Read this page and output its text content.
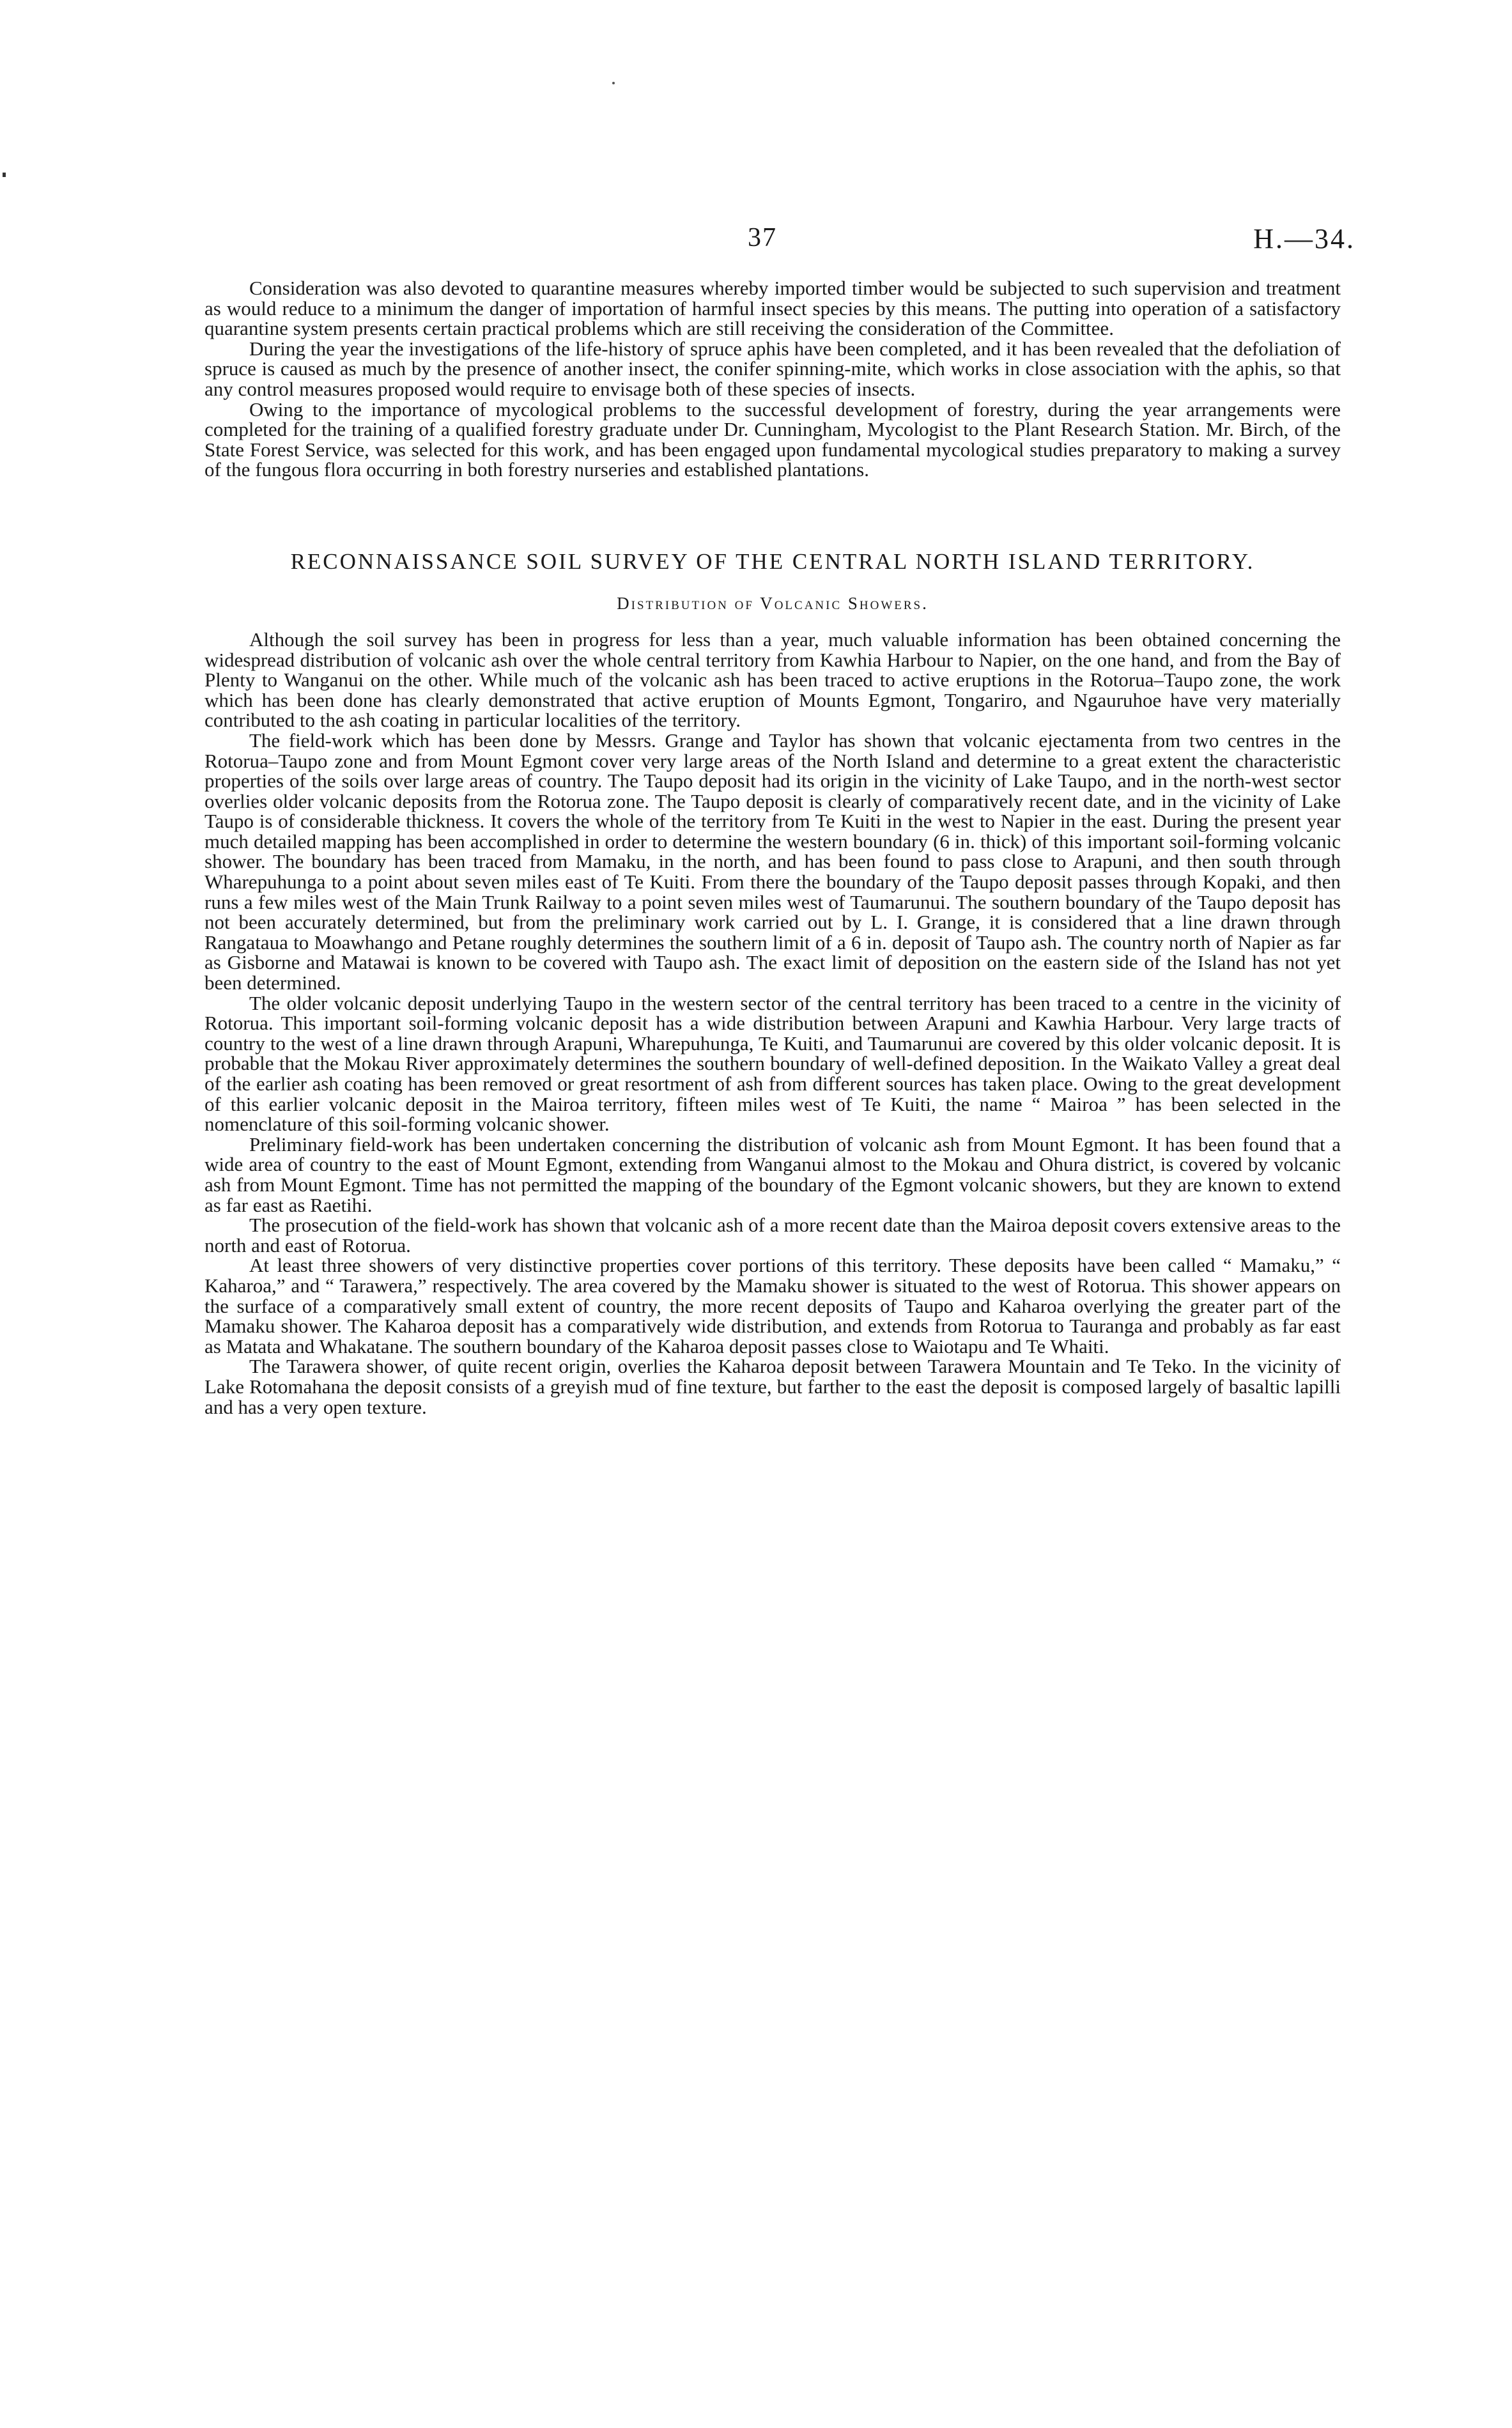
37	H.—34.

Consideration was also devoted to quarantine measures whereby imported timber would be subjected to such supervision and treatment as would reduce to a minimum the danger of importation of harmful insect species by this means. The putting into operation of a satisfactory quarantine system presents certain practical problems which are still receiving the consideration of the Committee.

During the year the investigations of the life-history of spruce aphis have been completed, and it has been revealed that the defoliation of spruce is caused as much by the presence of another insect, the conifer spinning-mite, which works in close association with the aphis, so that any control measures proposed would require to envisage both of these species of insects.

Owing to the importance of mycological problems to the successful development of forestry, during the year arrangements were completed for the training of a qualified forestry graduate under Dr. Cunningham, Mycologist to the Plant Research Station. Mr. Birch, of the State Forest Service, was selected for this work, and has been engaged upon fundamental mycological studies preparatory to making a survey of the fungous flora occurring in both forestry nurseries and established plantations.

RECONNAISSANCE SOIL SURVEY OF THE CENTRAL NORTH ISLAND TERRITORY.
Distribution of Volcanic Showers.

Although the soil survey has been in progress for less than a year, much valuable information has been obtained concerning the widespread distribution of volcanic ash over the whole central territory from Kawhia Harbour to Napier, on the one hand, and from the Bay of Plenty to Wanganui on the other. While much of the volcanic ash has been traced to active eruptions in the Rotorua–Taupo zone, the work which has been done has clearly demonstrated that active eruption of Mounts Egmont, Tongariro, and Ngauruhoe have very materially contributed to the ash coating in particular localities of the territory.

The field-work which has been done by Messrs. Grange and Taylor has shown that volcanic ejectamenta from two centres in the Rotorua–Taupo zone and from Mount Egmont cover very large areas of the North Island and determine to a great extent the characteristic properties of the soils over large areas of country. The Taupo deposit had its origin in the vicinity of Lake Taupo, and in the north-west sector overlies older volcanic deposits from the Rotorua zone. The Taupo deposit is clearly of comparatively recent date, and in the vicinity of Lake Taupo is of considerable thickness. It covers the whole of the territory from Te Kuiti in the west to Napier in the east. During the present year much detailed mapping has been accomplished in order to determine the western boundary (6 in. thick) of this important soil-forming volcanic shower. The boundary has been traced from Mamaku, in the north, and has been found to pass close to Arapuni, and then south through Wharepuhunga to a point about seven miles east of Te Kuiti. From there the boundary of the Taupo deposit passes through Kopaki, and then runs a few miles west of the Main Trunk Railway to a point seven miles west of Taumarunui. The southern boundary of the Taupo deposit has not been accurately determined, but from the preliminary work carried out by L. I. Grange, it is considered that a line drawn through Rangataua to Moawhango and Petane roughly determines the southern limit of a 6 in. deposit of Taupo ash. The country north of Napier as far as Gisborne and Matawai is known to be covered with Taupo ash. The exact limit of deposition on the eastern side of the Island has not yet been determined.

The older volcanic deposit underlying Taupo in the western sector of the central territory has been traced to a centre in the vicinity of Rotorua. This important soil-forming volcanic deposit has a wide distribution between Arapuni and Kawhia Harbour. Very large tracts of country to the west of a line drawn through Arapuni, Wharepuhunga, Te Kuiti, and Taumarunui are covered by this older volcanic deposit. It is probable that the Mokau River approximately determines the southern boundary of well-defined deposition. In the Waikato Valley a great deal of the earlier ash coating has been removed or great resortment of ash from different sources has taken place. Owing to the great development of this earlier volcanic deposit in the Mairoa territory, fifteen miles west of Te Kuiti, the name “ Mairoa ” has been selected in the nomenclature of this soil-forming volcanic shower.

Preliminary field-work has been undertaken concerning the distribution of volcanic ash from Mount Egmont. It has been found that a wide area of country to the east of Mount Egmont, extending from Wanganui almost to the Mokau and Ohura district, is covered by volcanic ash from Mount Egmont. Time has not permitted the mapping of the boundary of the Egmont volcanic showers, but they are known to extend as far east as Raetihi.

The prosecution of the field-work has shown that volcanic ash of a more recent date than the Mairoa deposit covers extensive areas to the north and east of Rotorua.

At least three showers of very distinctive properties cover portions of this territory. These deposits have been called “ Mamaku,” “ Kaharoa,” and “ Tarawera,” respectively. The area covered by the Mamaku shower is situated to the west of Rotorua. This shower appears on the surface of a comparatively small extent of country, the more recent deposits of Taupo and Kaharoa overlying the greater part of the Mamaku shower. The Kaharoa deposit has a comparatively wide distribution, and extends from Rotorua to Tauranga and probably as far east as Matata and Whakatane. The southern boundary of the Kaharoa deposit passes close to Waiotapu and Te Whaiti.

The Tarawera shower, of quite recent origin, overlies the Kaharoa deposit between Tarawera Mountain and Te Teko. In the vicinity of Lake Rotomahana the deposit consists of a greyish mud of fine texture, but farther to the east the deposit is composed largely of basaltic lapilli and has a very open texture.
